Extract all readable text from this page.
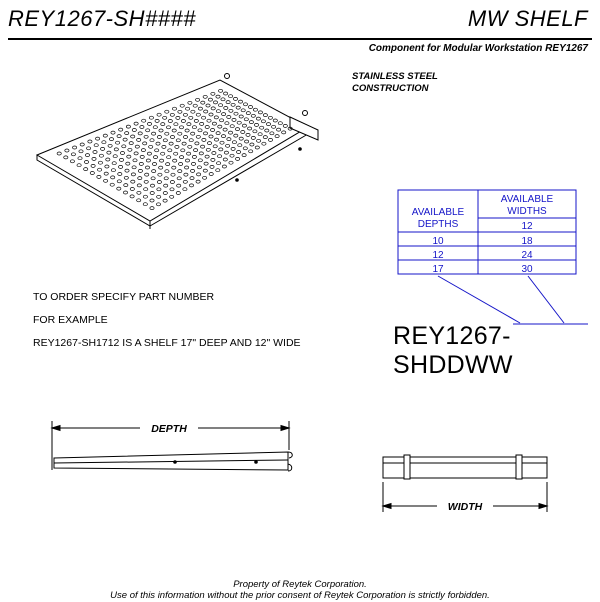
REY1267-SH####	MW SHELF
Component for Modular Workstation REY1267
STAINLESS STEEL
CONSTRUCTION
TO ORDER SPECIFY PART NUMBER
FOR EXAMPLE
REY1267-SH1712 IS A SHELF 17" DEEP AND 12" WIDE	REY1267-SHDDWW
AVAILABLE
DEPTHS
AVAILABLE
WIDTHS
10
12
17
12
18
24
30
DEPTH
WIDTH
Property of Reytek Corporation.
Use of this information without the prior consent of Reytek Corporation is strictly forbidden.
